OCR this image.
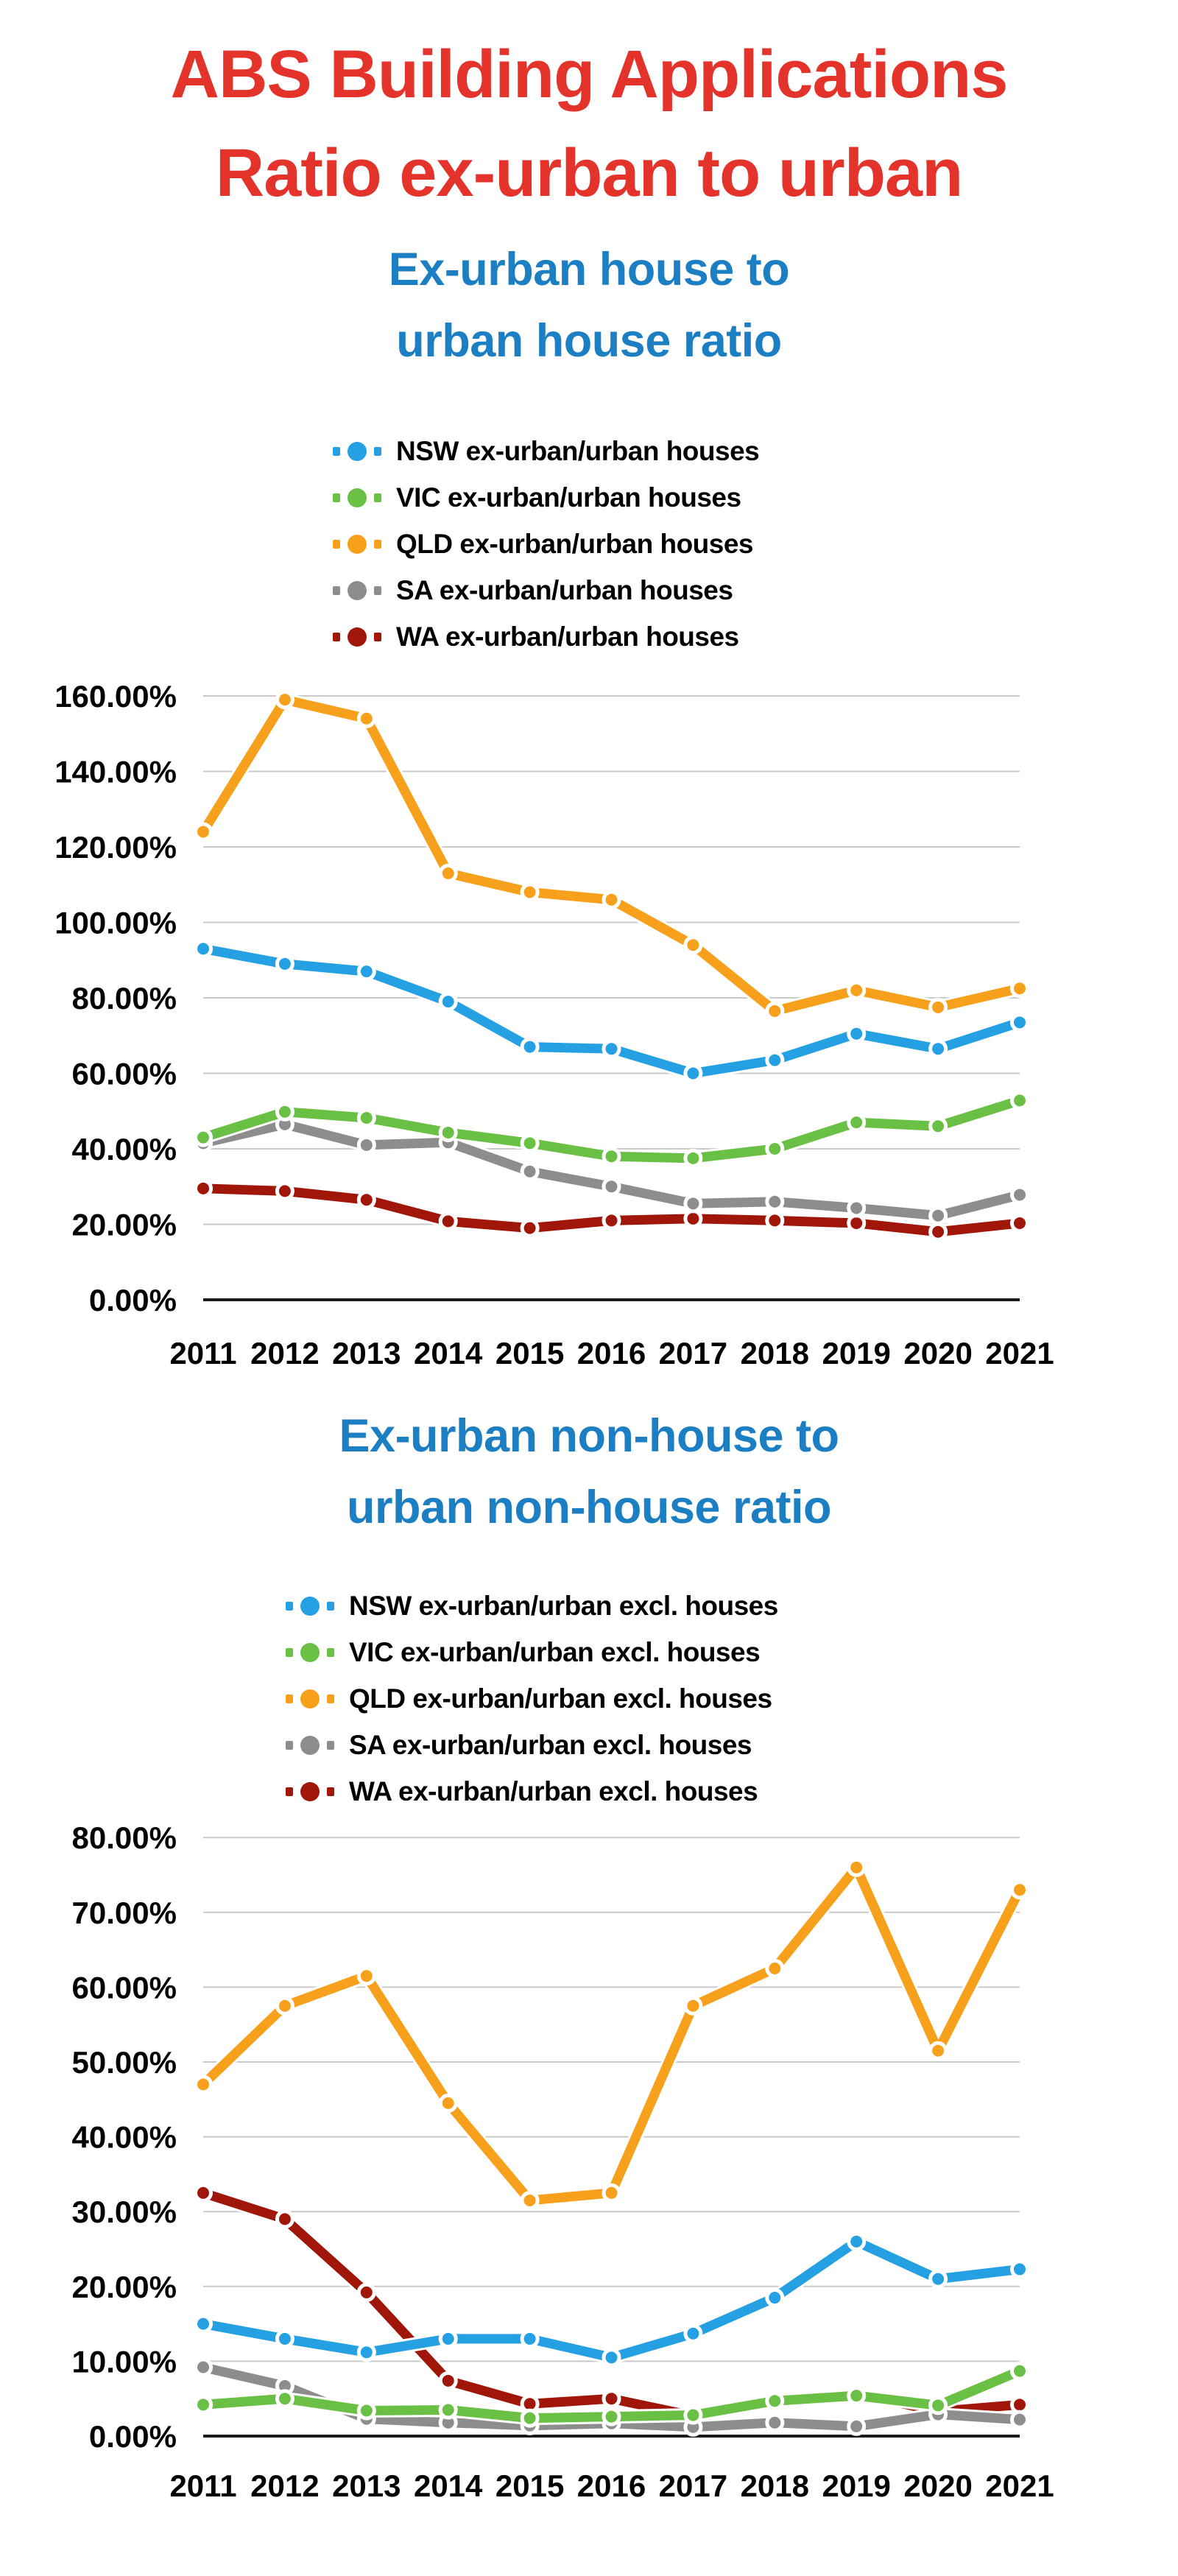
ABS Building Applications
Ratio ex-urban to urban
Ex-urban house to
urban house ratio
NSW ex-urban/urban houses
VIC ex-urban/urban houses
QLD ex-urban/urban houses
SA ex-urban/urban houses
WA ex-urban/urban houses
160.00%
140.00%
120.00%
100.00%
80.00%
60.00%
40.00%
20.00%
0.00%
2011 2012 2013 2014 2015 2016 2017 2018 2019 2020 2021
Ex-urban non-house to
urban non-house ratio
NSW ex-urban/urban excl. houses
VIC ex-urban/urban excl. houses
QLD ex-urban/urban excl. houses
SA ex-urban/urban excl. houses
WA ex-urban/urban excl. houses
80.00%
70.00%
60.00%
50.00%
40.00%
30.00%
20.00%
10.00%
0.00%
2011 2012 2013 2014 2015 2016 2017 2018 2019 2020 2021
